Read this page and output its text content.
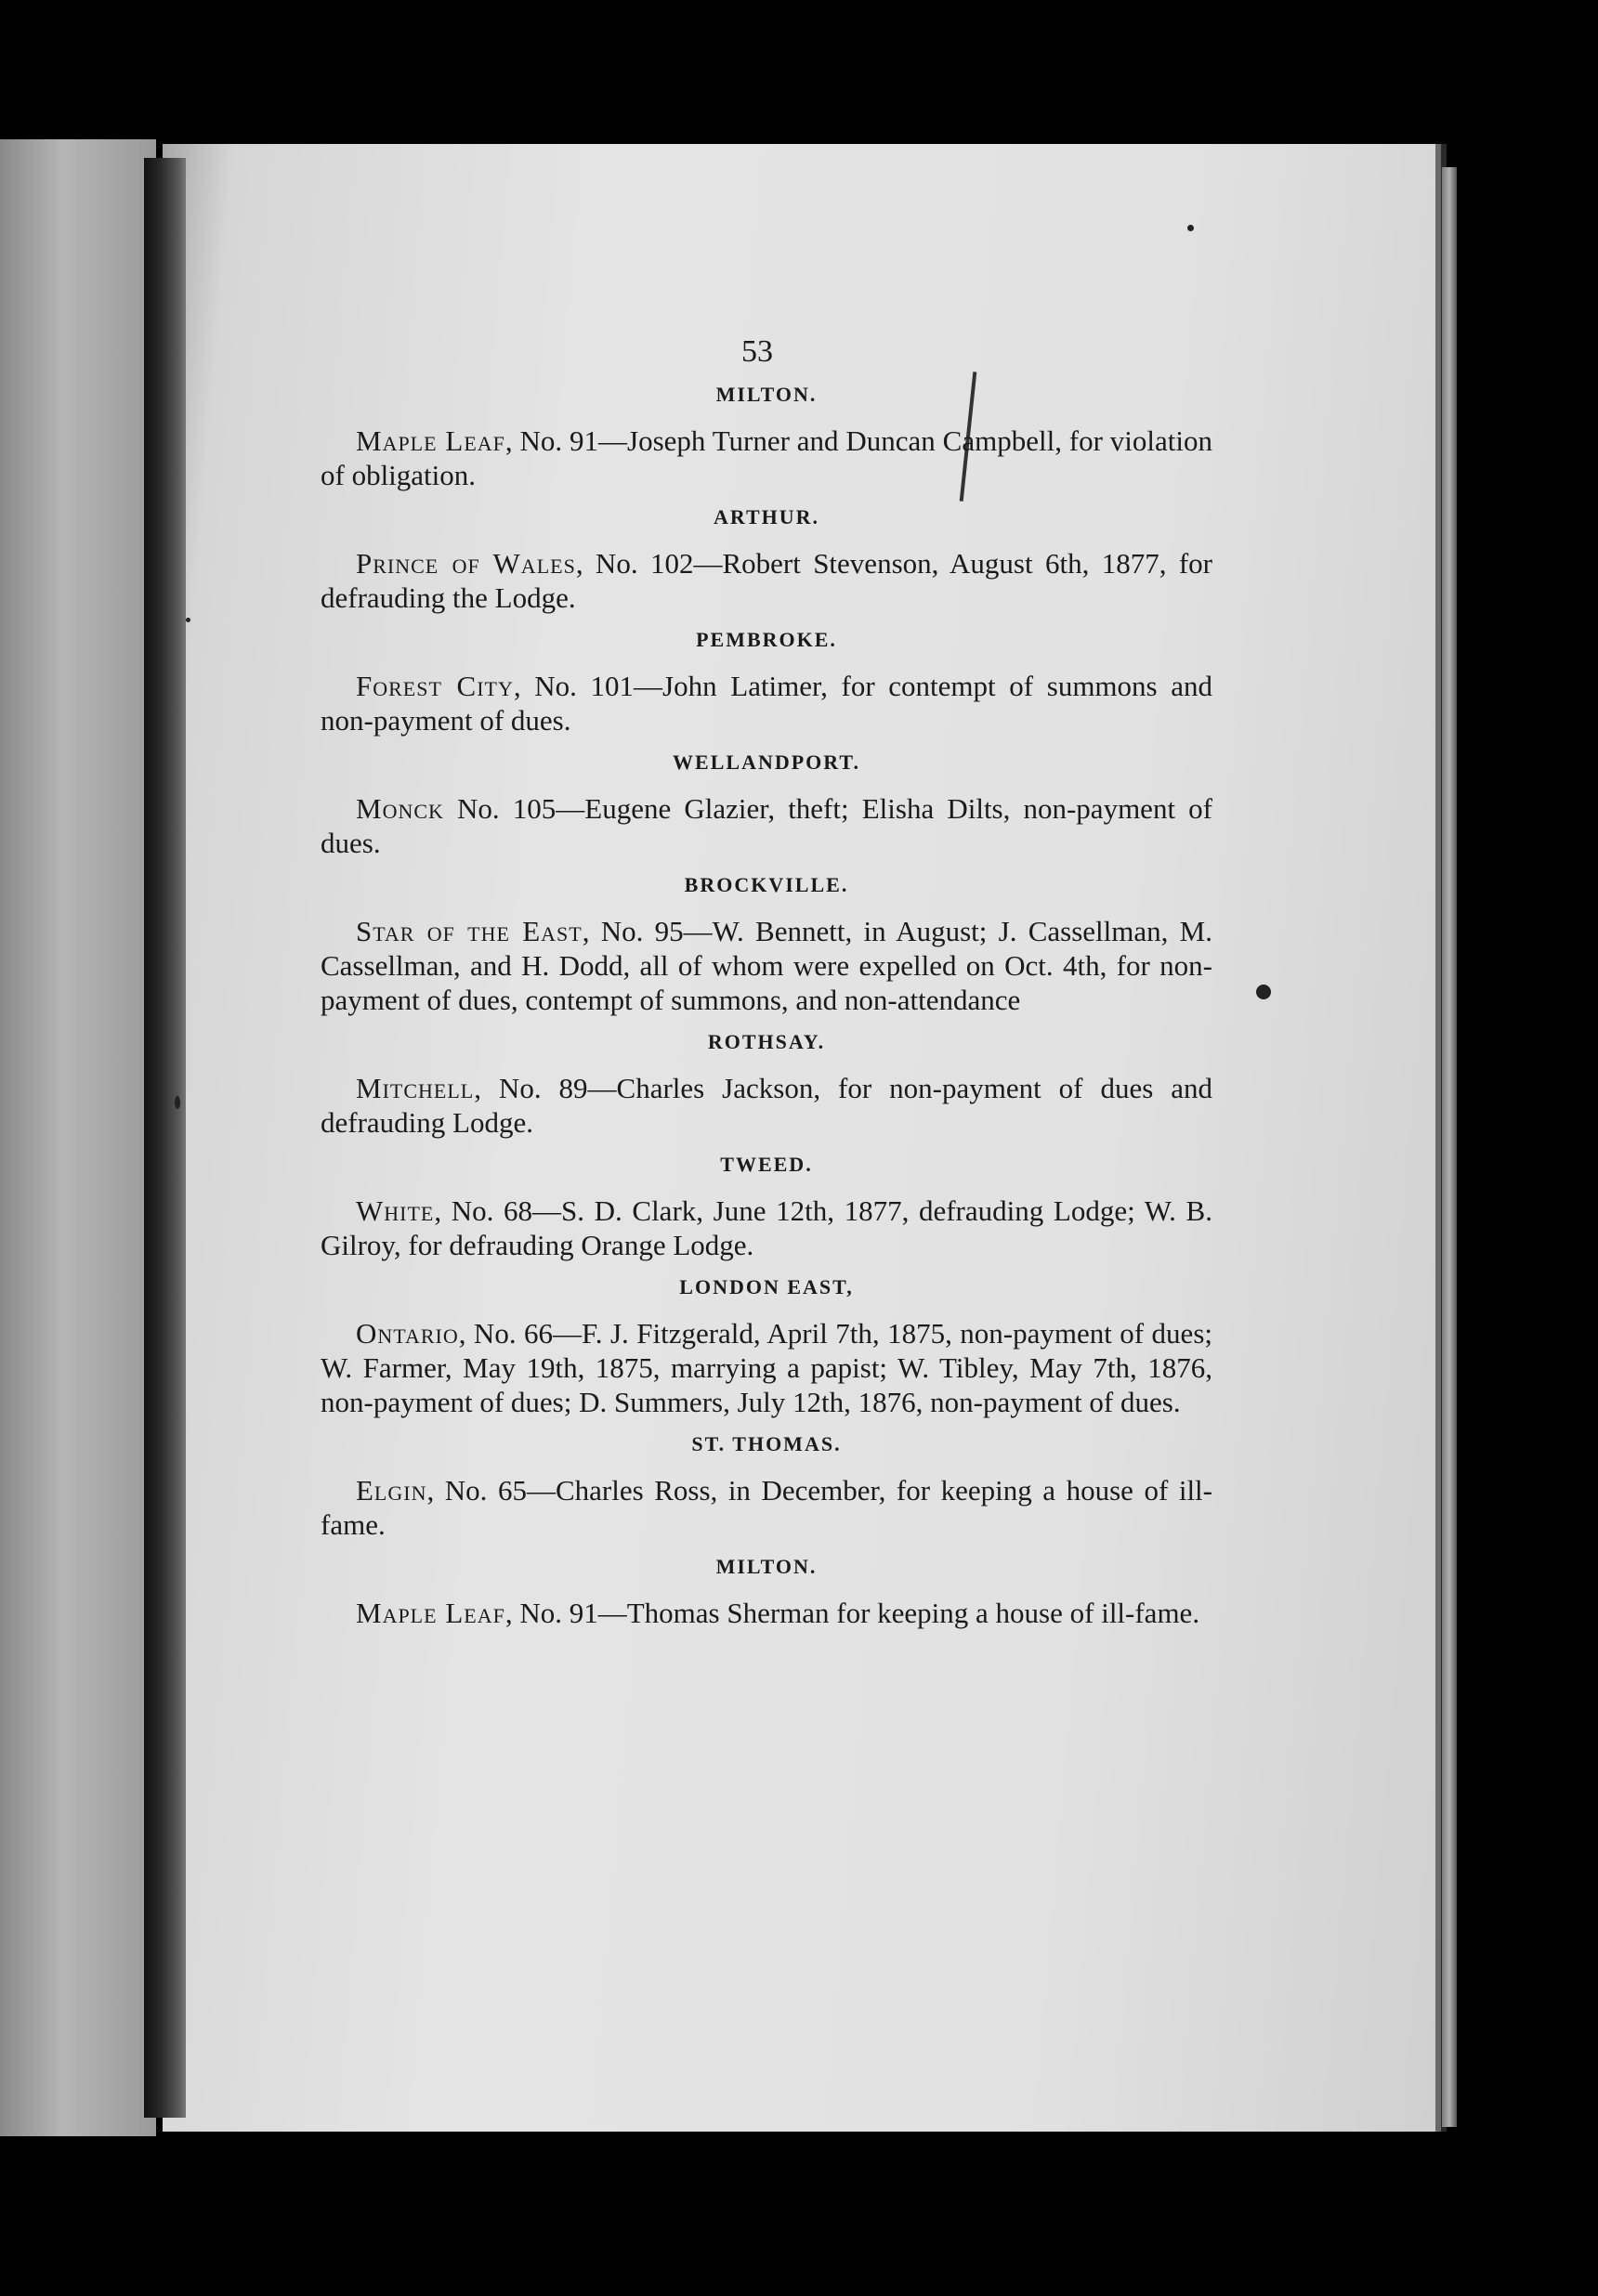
53
MILTON.

Maple Leaf, No. 91—Joseph Turner and Duncan Campbell, for violation of obligation.

ARTHUR.

Prince of Wales, No. 102—Robert Stevenson, August 6th, 1877, for defrauding the Lodge.

PEMBROKE.

Forest City, No. 101—John Latimer, for contempt of summons and non-payment of dues.

WELLANDPORT.

Monck No. 105—Eugene Glazier, theft; Elisha Dilts, non-payment of dues.

BROCKVILLE.

Star of the East, No. 95—W. Bennett, in August; J. Cassellman, M. Cassellman, and H. Dodd, all of whom were expelled on Oct. 4th, for non-payment of dues, contempt of summons, and non-attendance

ROTHSAY.

Mitchell, No. 89—Charles Jackson, for non-payment of dues and defrauding Lodge.

TWEED.

White, No. 68—S. D. Clark, June 12th, 1877, defrauding Lodge; W. B. Gilroy, for defrauding Orange Lodge.

LONDON EAST,

Ontario, No. 66—F. J. Fitzgerald, April 7th, 1875, non-payment of dues; W. Farmer, May 19th, 1875, marrying a papist; W. Tibley, May 7th, 1876, non-payment of dues; D. Summers, July 12th, 1876, non-payment of dues.

ST. THOMAS.

Elgin, No. 65—Charles Ross, in December, for keeping a house of ill-fame.

MILTON.

Maple Leaf, No. 91—Thomas Sherman for keeping a house of ill-fame.
